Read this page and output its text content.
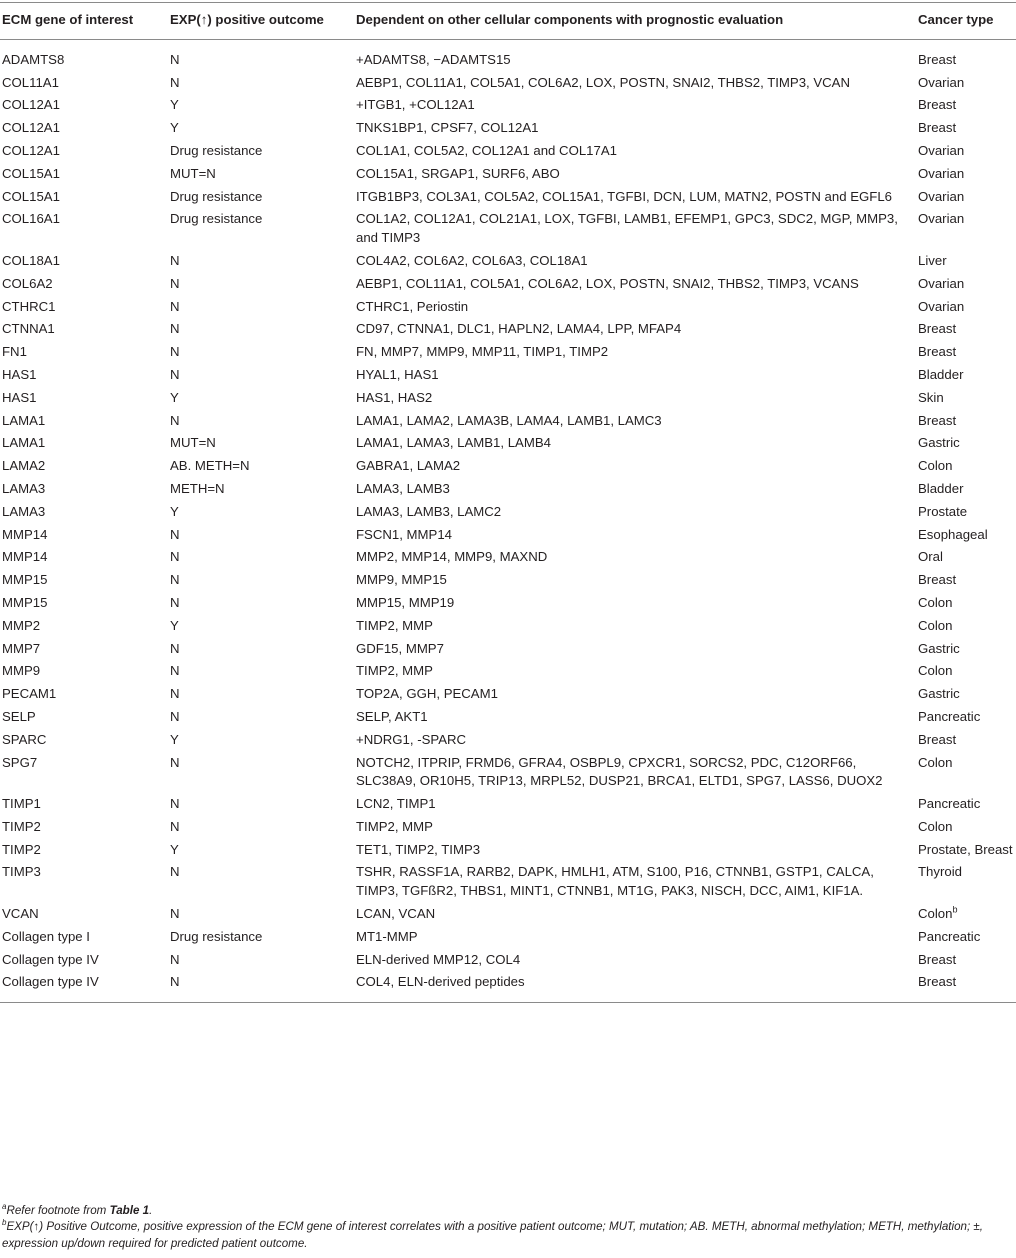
ECM gene of interest	EXP(↑) positive outcome	Dependent on other cellular components with prognostic evaluation	Cancer type
ADAMTS8	N	+ADAMTS8, −ADAMTS15	Breast
COL11A1	N	AEBP1, COL11A1, COL5A1, COL6A2, LOX, POSTN, SNAI2, THBS2, TIMP3, VCAN	Ovarian
COL12A1	Y	+ITGB1, +COL12A1	Breast
COL12A1	Y	TNKS1BP1, CPSF7, COL12A1	Breast
COL12A1	Drug resistance	COL1A1, COL5A2, COL12A1 and COL17A1	Ovarian
COL15A1	MUT=N	COL15A1, SRGAP1, SURF6, ABO	Ovarian
COL15A1	Drug resistance	ITGB1BP3, COL3A1, COL5A2, COL15A1, TGFBI, DCN, LUM, MATN2, POSTN and EGFL6	Ovarian
COL16A1	Drug resistance	COL1A2, COL12A1, COL21A1, LOX, TGFBI, LAMB1, EFEMP1, GPC3, SDC2, MGP, MMP3, and TIMP3	Ovarian
COL18A1	N	COL4A2, COL6A2, COL6A3, COL18A1	Liver
COL6A2	N	AEBP1, COL11A1, COL5A1, COL6A2, LOX, POSTN, SNAI2, THBS2, TIMP3, VCANS	Ovarian
CTHRC1	N	CTHRC1, Periostin	Ovarian
CTNNA1	N	CD97, CTNNA1, DLC1, HAPLN2, LAMA4, LPP, MFAP4	Breast
FN1	N	FN, MMP7, MMP9, MMP11, TIMP1, TIMP2	Breast
HAS1	N	HYAL1, HAS1	Bladder
HAS1	Y	HAS1, HAS2	Skin
LAMA1	N	LAMA1, LAMA2, LAMA3B, LAMA4, LAMB1, LAMC3	Breast
LAMA1	MUT=N	LAMA1, LAMA3, LAMB1, LAMB4	Gastric
LAMA2	AB. METH=N	GABRA1, LAMA2	Colon
LAMA3	METH=N	LAMA3, LAMB3	Bladder
LAMA3	Y	LAMA3, LAMB3, LAMC2	Prostate
MMP14	N	FSCN1, MMP14	Esophageal
MMP14	N	MMP2, MMP14, MMP9, MAXND	Oral
MMP15	N	MMP9, MMP15	Breast
MMP15	N	MMP15, MMP19	Colon
MMP2	Y	TIMP2, MMP	Colon
MMP7	N	GDF15, MMP7	Gastric
MMP9	N	TIMP2, MMP	Colon
PECAM1	N	TOP2A, GGH, PECAM1	Gastric
SELP	N	SELP, AKT1	Pancreatic
SPARC	Y	+NDRG1, -SPARC	Breast
SPG7	N	NOTCH2, ITPRIP, FRMD6, GFRA4, OSBPL9, CPXCR1, SORCS2, PDC, C12ORF66, SLC38A9, OR10H5, TRIP13, MRPL52, DUSP21, BRCA1, ELTD1, SPG7, LASS6, DUOX2	Colon
TIMP1	N	LCN2, TIMP1	Pancreatic
TIMP2	N	TIMP2, MMP	Colon
TIMP2	Y	TET1, TIMP2, TIMP3	Prostate, Breast
TIMP3	N	TSHR, RASSF1A, RARB2, DAPK, HMLH1, ATM, S100, P16, CTNNB1, GSTP1, CALCA, TIMP3, TGFßR2, THBS1, MINT1, CTNNB1, MT1G, PAK3, NISCH, DCC, AIM1, KIF1A.	Thyroid
VCAN	N	LCAN, VCAN	Colon$^b$
Collagen type I	Drug resistance	MT1-MMP	Pancreatic
Collagen type IV	N	ELN-derived MMP12, COL4	Breast
Collagen type IV	N	COL4, ELN-derived peptides	Breast

$^a$Refer footnote from Table 1.

$^b$EXP(↑) Positive Outcome, positive expression of the ECM gene of interest correlates with a positive patient outcome; MUT, mutation; AB. METH, abnormal methylation; METH, methylation; ±, expression up/down required for predicted patient outcome.
